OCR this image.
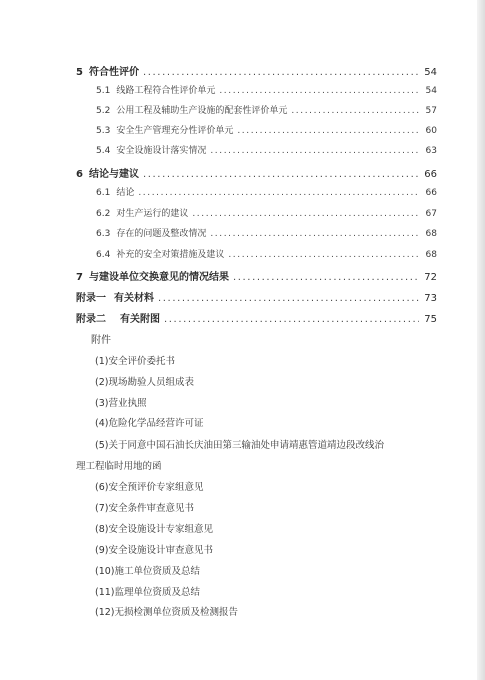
5 符合性评价 .....	54
5.1 线路工程符合性评价单元 .....	54
5.2 公用工程及辅助生产设施的配套性评价单元 .....	57
5.3 安全生产管理充分性评价单元 .....	60
5.4 安全设施设计落实情况 .....	63
6 结论与建议 .....	66
6.1 结论 .....	66
6.2 对生产运行的建议 .....	67
6.3 存在的问题及整改情况 .....	68
6.4 补充的安全对策措施及建议 .....	68
7 与建设单位交换意见的情况结果 .....	72
附录一 有关材料 .....	73
附录二 有关附图 .....	75
附件
(1)安全评价委托书
(2)现场勘验人员组成表
(3)营业执照
(4)危险化学品经营许可证
(5)关于同意中国石油长庆油田第三输油处申请靖惠管道靖边段改线治
理工程临时用地的函
(6)安全预评价专家组意见
(7)安全条件审查意见书
(8)安全设施设计专家组意见
(9)安全设施设计审查意见书
(10)施工单位资质及总结
(11)监理单位资质及总结
(12)无损检测单位资质及检测报告
